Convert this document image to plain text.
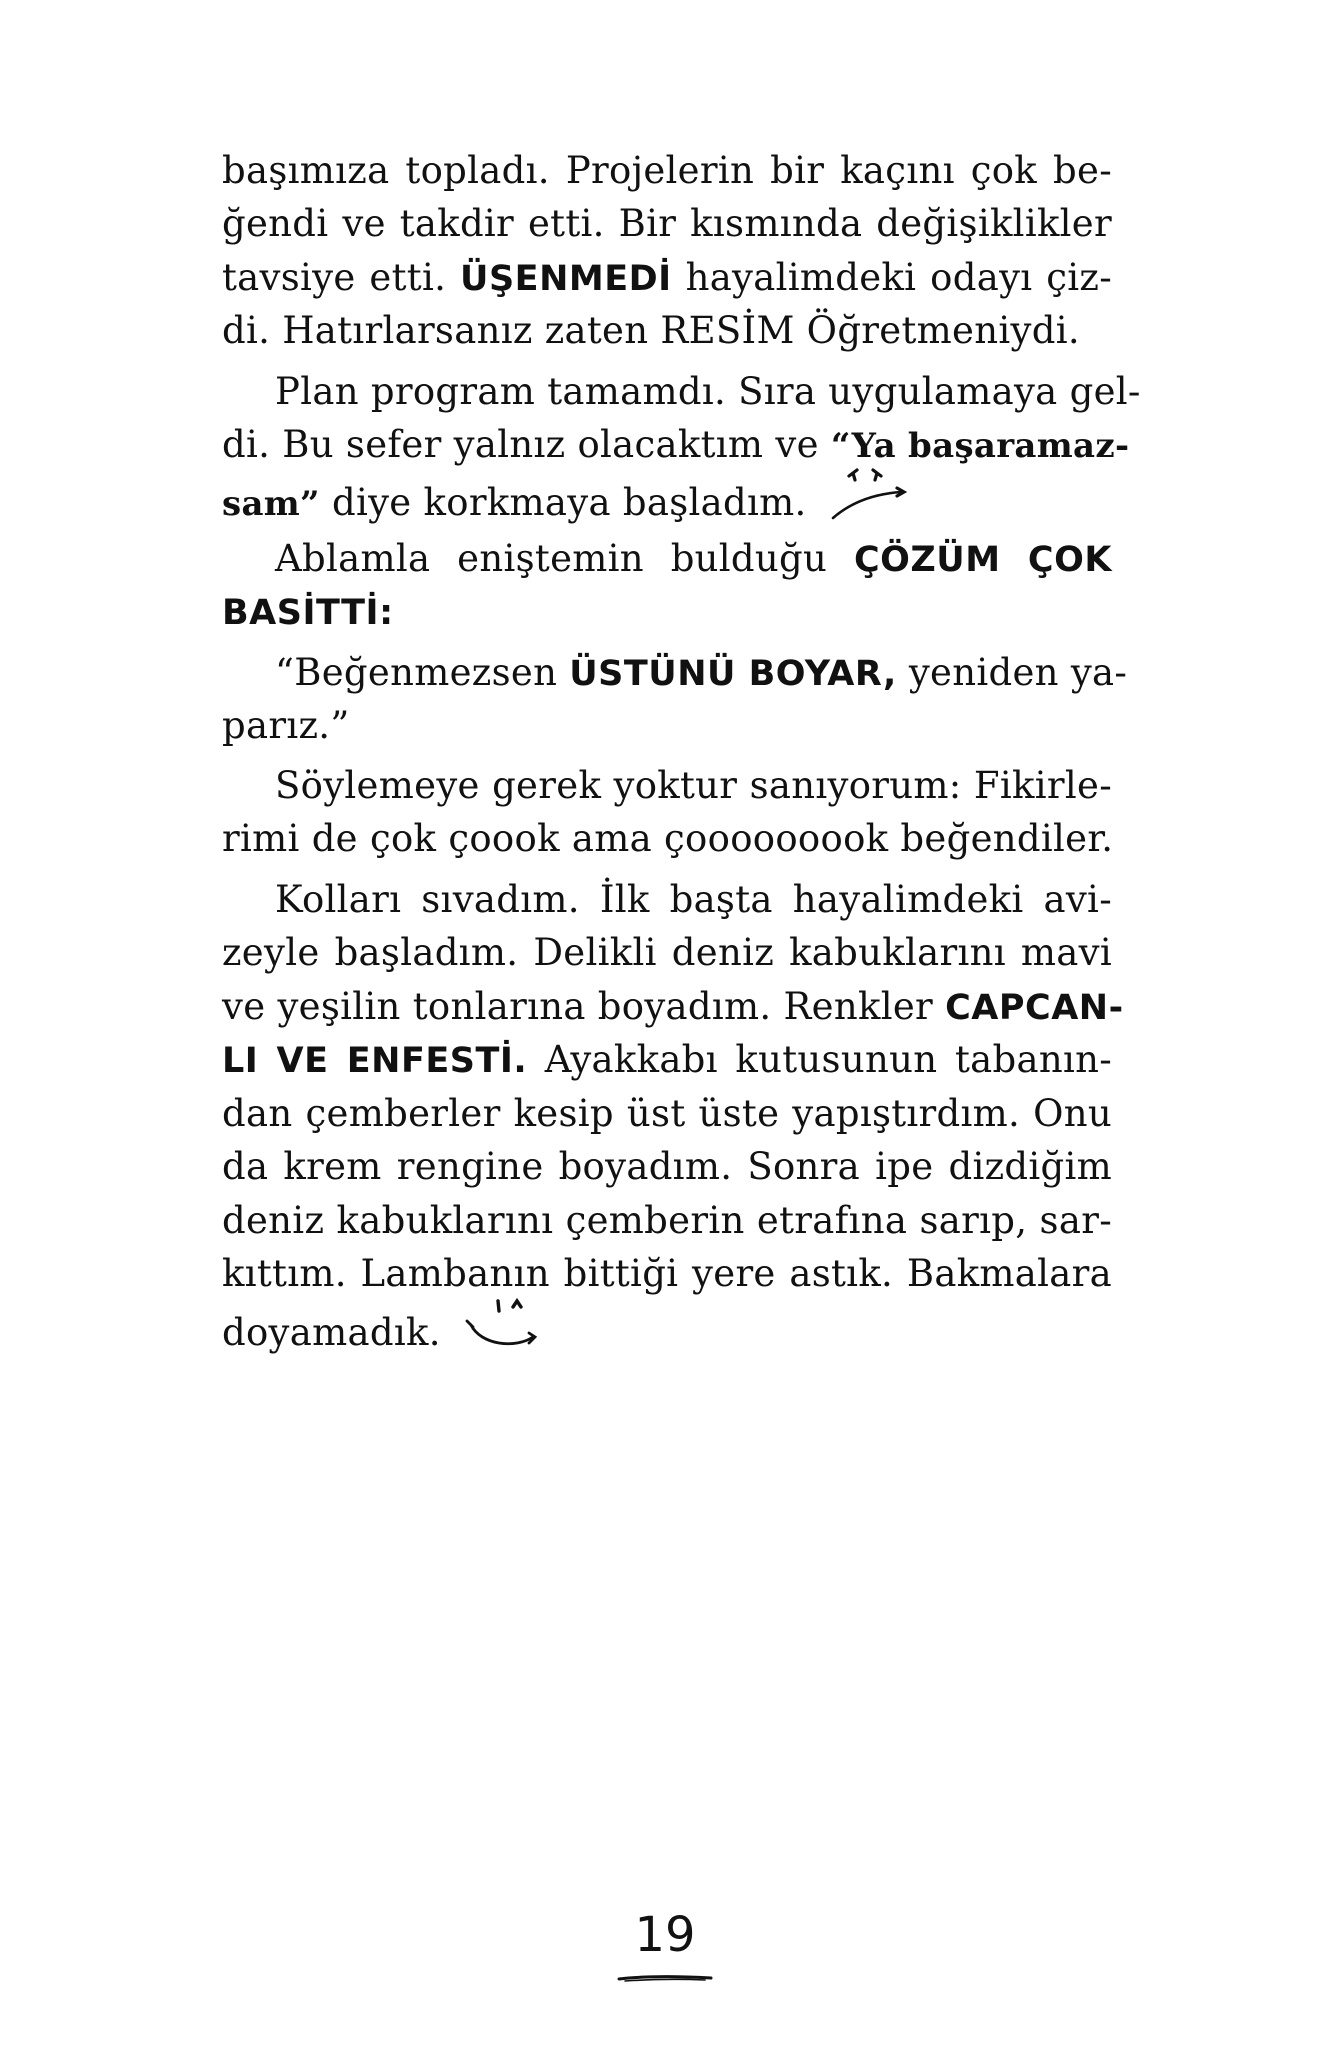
başımıza topladı. Projelerin bir kaçını çok be-
ğendi ve takdir etti. Bir kısmında değişiklikler
tavsiye etti. ÜŞENMEDİ hayalimdeki odayı çiz-
di. Hatırlarsanız zaten RESİM Öğretmeniydi.
Plan program tamamdı. Sıra uygulamaya gel-
di. Bu sefer yalnız olacaktım ve “Ya başaramaz-
sam” diye korkmaya başladım.
Ablamla eniştemin bulduğu ÇÖZÜM ÇOK
BASİTTİ:
“Beğenmezsen ÜSTÜNÜ BOYAR, yeniden ya-
parız.”
Söylemeye gerek yoktur sanıyorum: Fikirle-
rimi de çok çoook ama çooooooook beğendiler.
Kolları sıvadım. İlk başta hayalimdeki avi-
zeyle başladım. Delikli deniz kabuklarını mavi
ve yeşilin tonlarına boyadım. Renkler CAPCAN-
LI VE ENFESTİ. Ayakkabı kutusunun tabanın-
dan çemberler kesip üst üste yapıştırdım. Onu
da krem rengine boyadım. Sonra ipe dizdiğim
deniz kabuklarını çemberin etrafına sarıp, sar-
kıttım. Lambanın bittiği yere astık. Bakmalara
doyamadık.
19
